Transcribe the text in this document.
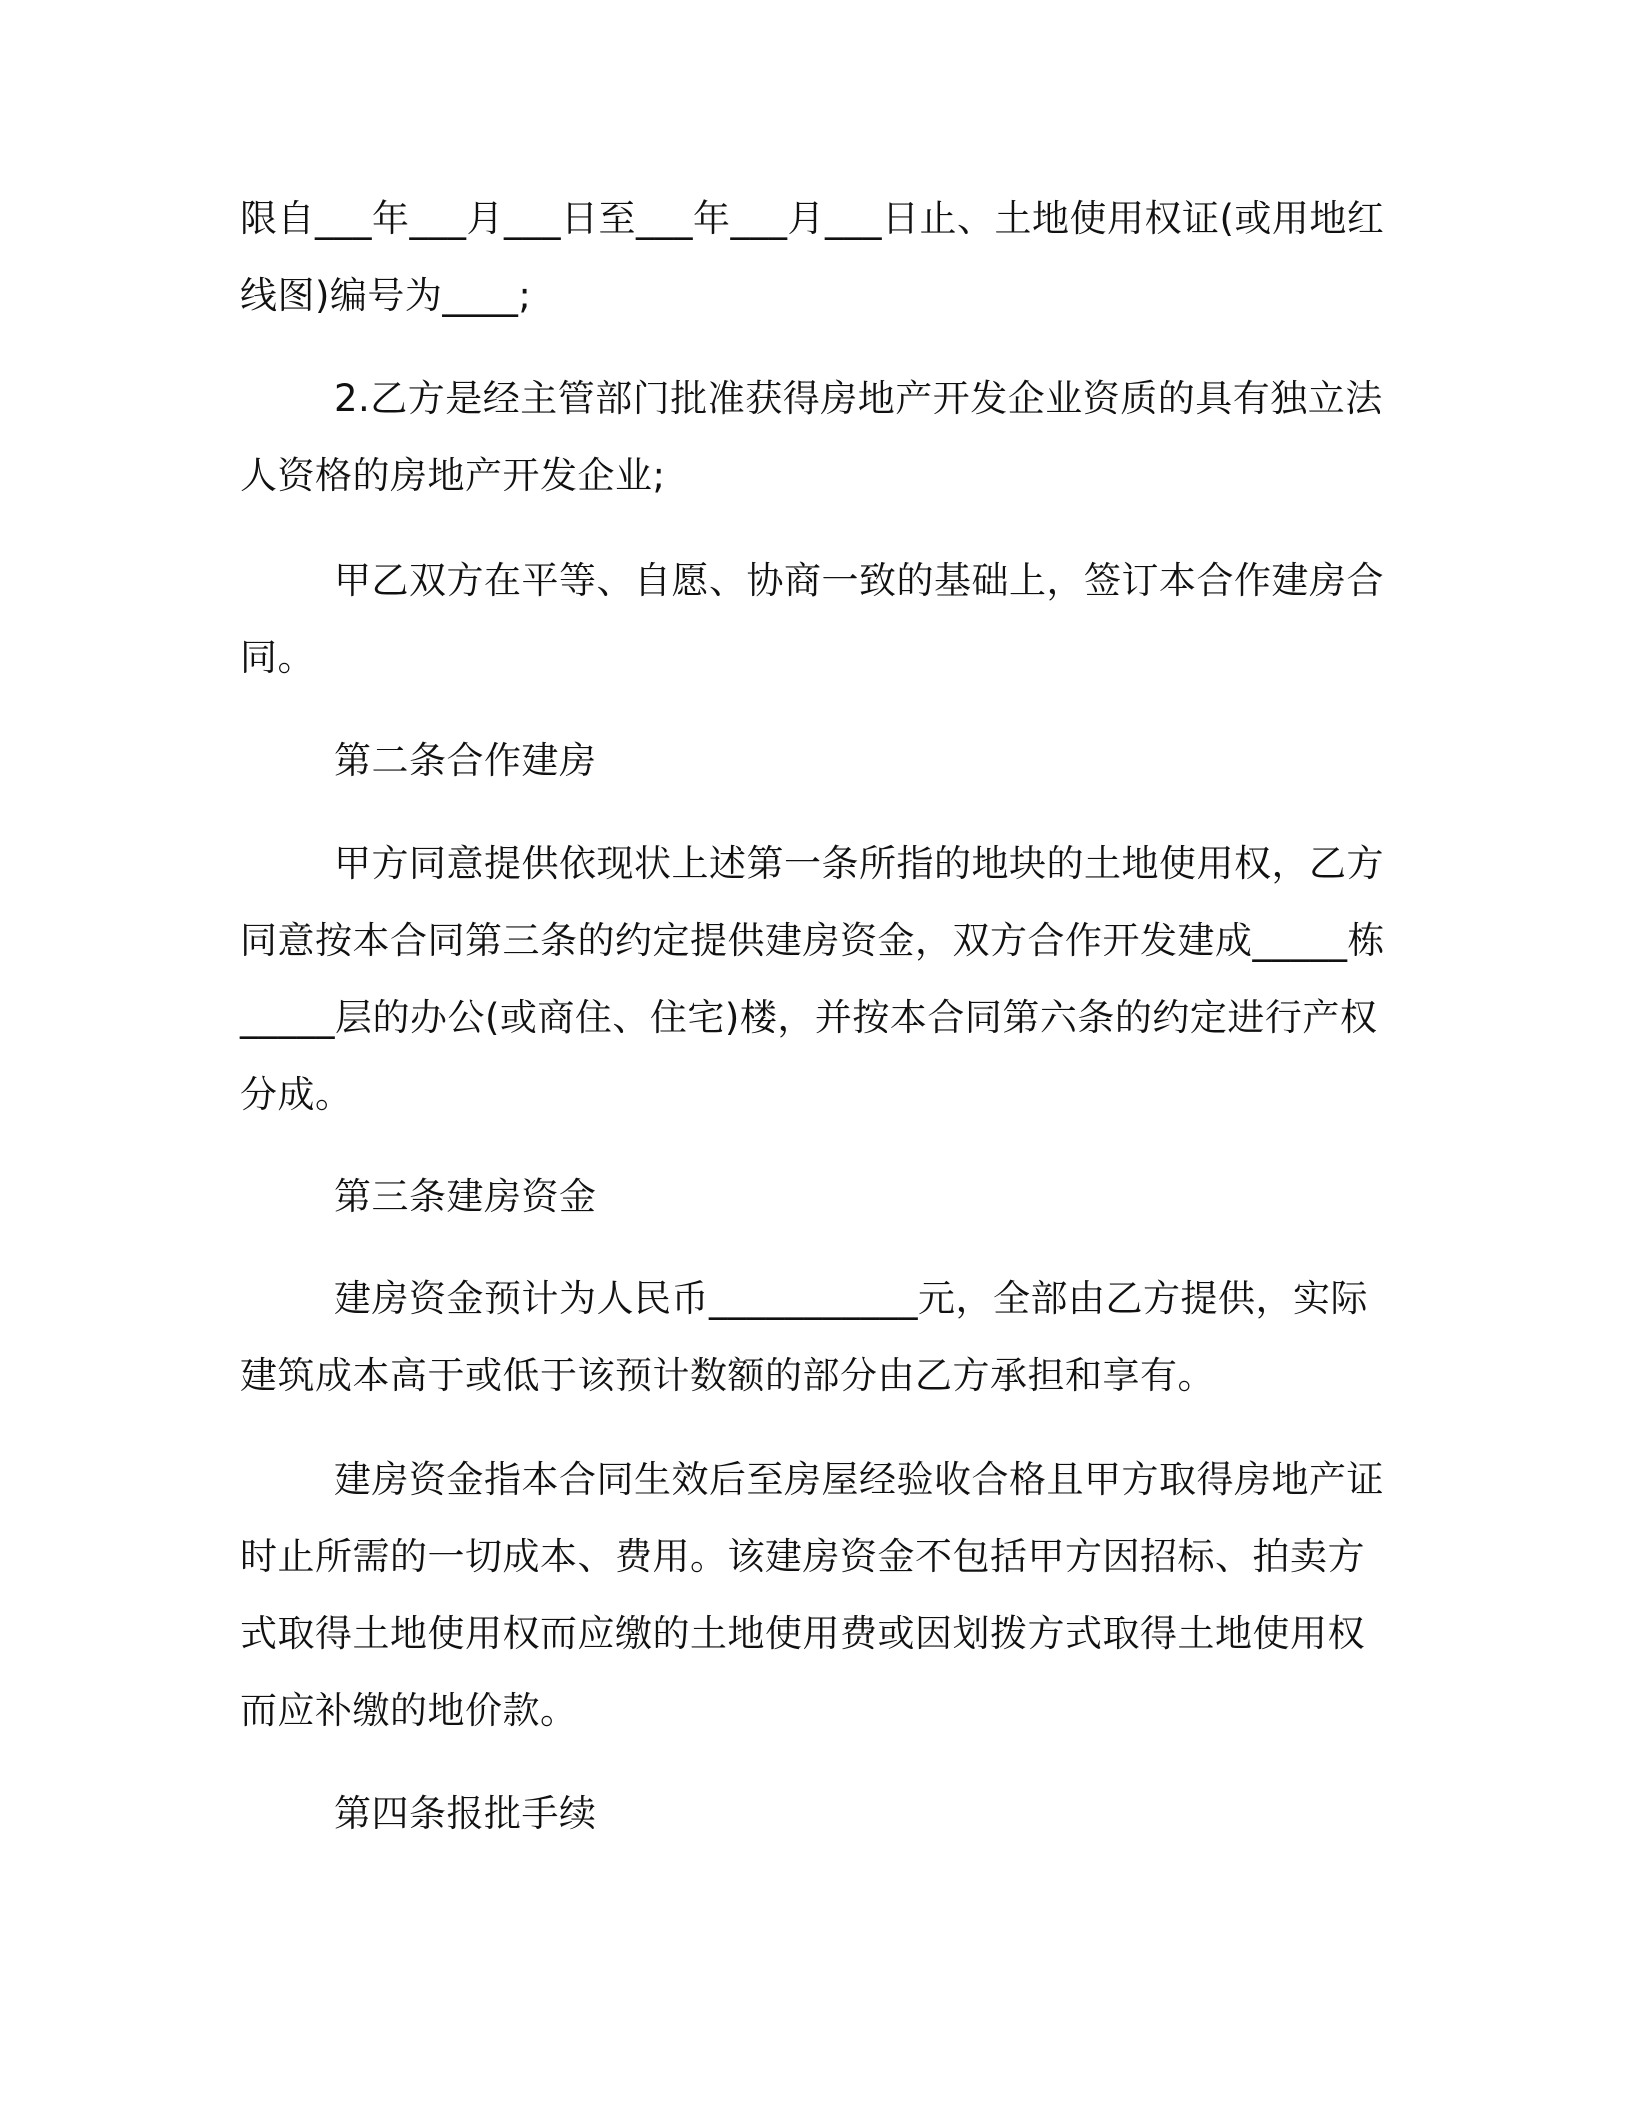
限自___年___月___日至___年___月___日止、土地使用权证(或用地红线图)编号为____;
2.乙方是经主管部门批准获得房地产开发企业资质的具有独立法人资格的房地产开发企业;
甲乙双方在平等、自愿、协商一致的基础上，签订本合作建房合同。
第二条合作建房
甲方同意提供依现状上述第一条所指的地块的土地使用权，乙方同意按本合同第三条的约定提供建房资金，双方合作开发建成_____栋_____层的办公(或商住、住宅)楼，并按本合同第六条的约定进行产权分成。
第三条建房资金
建房资金预计为人民币___________元，全部由乙方提供，实际建筑成本高于或低于该预计数额的部分由乙方承担和享有。
建房资金指本合同生效后至房屋经验收合格且甲方取得房地产证时止所需的一切成本、费用。该建房资金不包括甲方因招标、拍卖方式取得土地使用权而应缴的土地使用费或因划拨方式取得土地使用权而应补缴的地价款。
第四条报批手续
